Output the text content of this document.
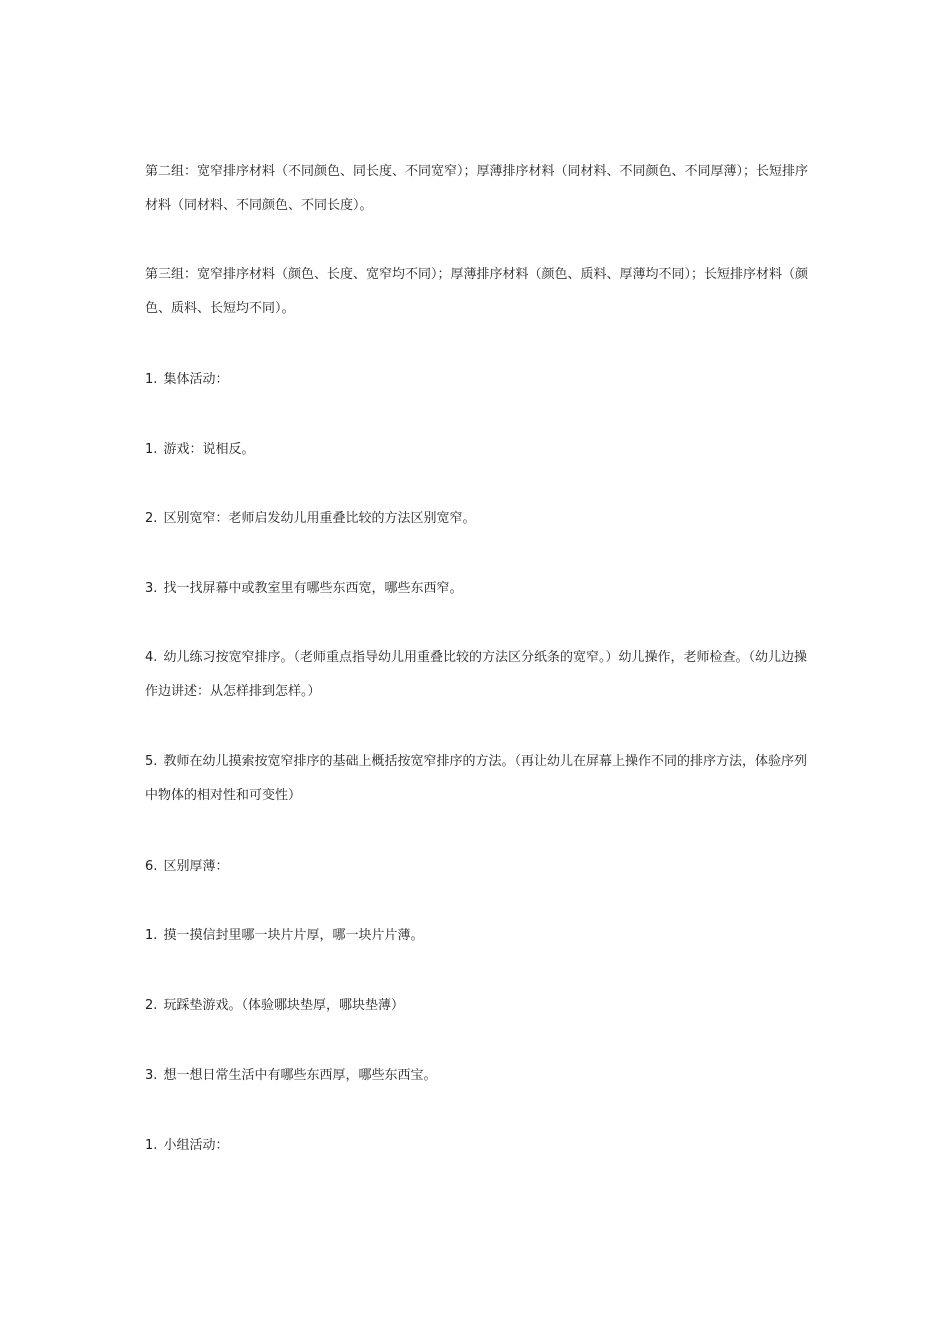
第二组：宽窄排序材料（不同颜色、同长度、不同宽窄）；厚薄排序材料（同材料、不同颜色、不同厚薄）；长短排序材料（同材料、不同颜色、不同长度）。

第三组：宽窄排序材料（颜色、长度、宽窄均不同）；厚薄排序材料（颜色、质料、厚薄均不同）；长短排序材料（颜色、质料、长短均不同）。

1. 集体活动：

1. 游戏：说相反。

2. 区别宽窄：老师启发幼儿用重叠比较的方法区别宽窄。

3. 找一找屏幕中或教室里有哪些东西宽，哪些东西窄。

4. 幼儿练习按宽窄排序。（老师重点指导幼儿用重叠比较的方法区分纸条的宽窄。）幼儿操作，老师检查。（幼儿边操作边讲述：从怎样排到怎样。）

5. 教师在幼儿摸索按宽窄排序的基础上概括按宽窄排序的方法。（再让幼儿在屏幕上操作不同的排序方法，体验序列中物体的相对性和可变性）

6. 区别厚薄：

1. 摸一摸信封里哪一块片片厚，哪一块片片薄。

2. 玩踩垫游戏。（体验哪块垫厚，哪块垫薄）

3. 想一想日常生活中有哪些东西厚，哪些东西宝。

1. 小组活动：
